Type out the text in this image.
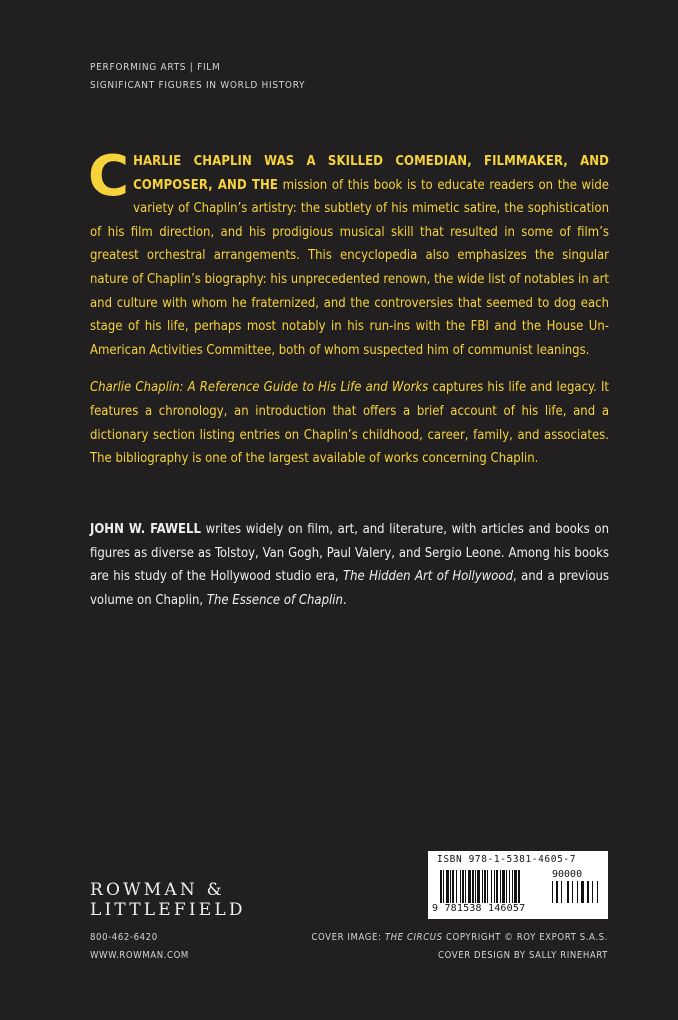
PERFORMING ARTS | FILM
SIGNIFICANT FIGURES IN WORLD HISTORY

CHARLIE CHAPLIN WAS A SKILLED COMEDIAN, FILMMAKER, AND COMPOSER, AND THE mission of this book is to educate readers on the wide variety of Chaplin’s artistry: the subtlety of his mimetic satire, the sophistication of his film direction, and his prodigious musical skill that resulted in some of film’s greatest orchestral arrangements. This encyclopedia also emphasizes the singular nature of Chaplin’s biography: his unprecedented renown, the wide list of notables in art and culture with whom he fraternized, and the controversies that seemed to dog each stage of his life, perhaps most notably in his run-ins with the FBI and the House Un-American Activities Committee, both of whom suspected him of communist leanings.

Charlie Chaplin: A Reference Guide to His Life and Works captures his life and legacy. It features a chronology, an introduction that offers a brief account of his life, and a dictionary section listing entries on Chaplin’s childhood, career, family, and associates. The bibliography is one of the largest available of works concerning Chaplin.

JOHN W. FAWELL writes widely on film, art, and literature, with articles and books on figures as diverse as Tolstoy, Van Gogh, Paul Valery, and Sergio Leone. Among his books are his study of the Hollywood studio era, The Hidden Art of Hollywood, and a previous volume on Chaplin, The Essence of Chaplin.

ROWMAN &
LITTLEFIELD
800-462-6420
WWW.ROWMAN.COM
COVER IMAGE: THE CIRCUS COPYRIGHT © ROY EXPORT S.A.S.
COVER DESIGN BY SALLY RINEHART
ISBN 978-1-5381-4605-7
90000
9 781538 146057
